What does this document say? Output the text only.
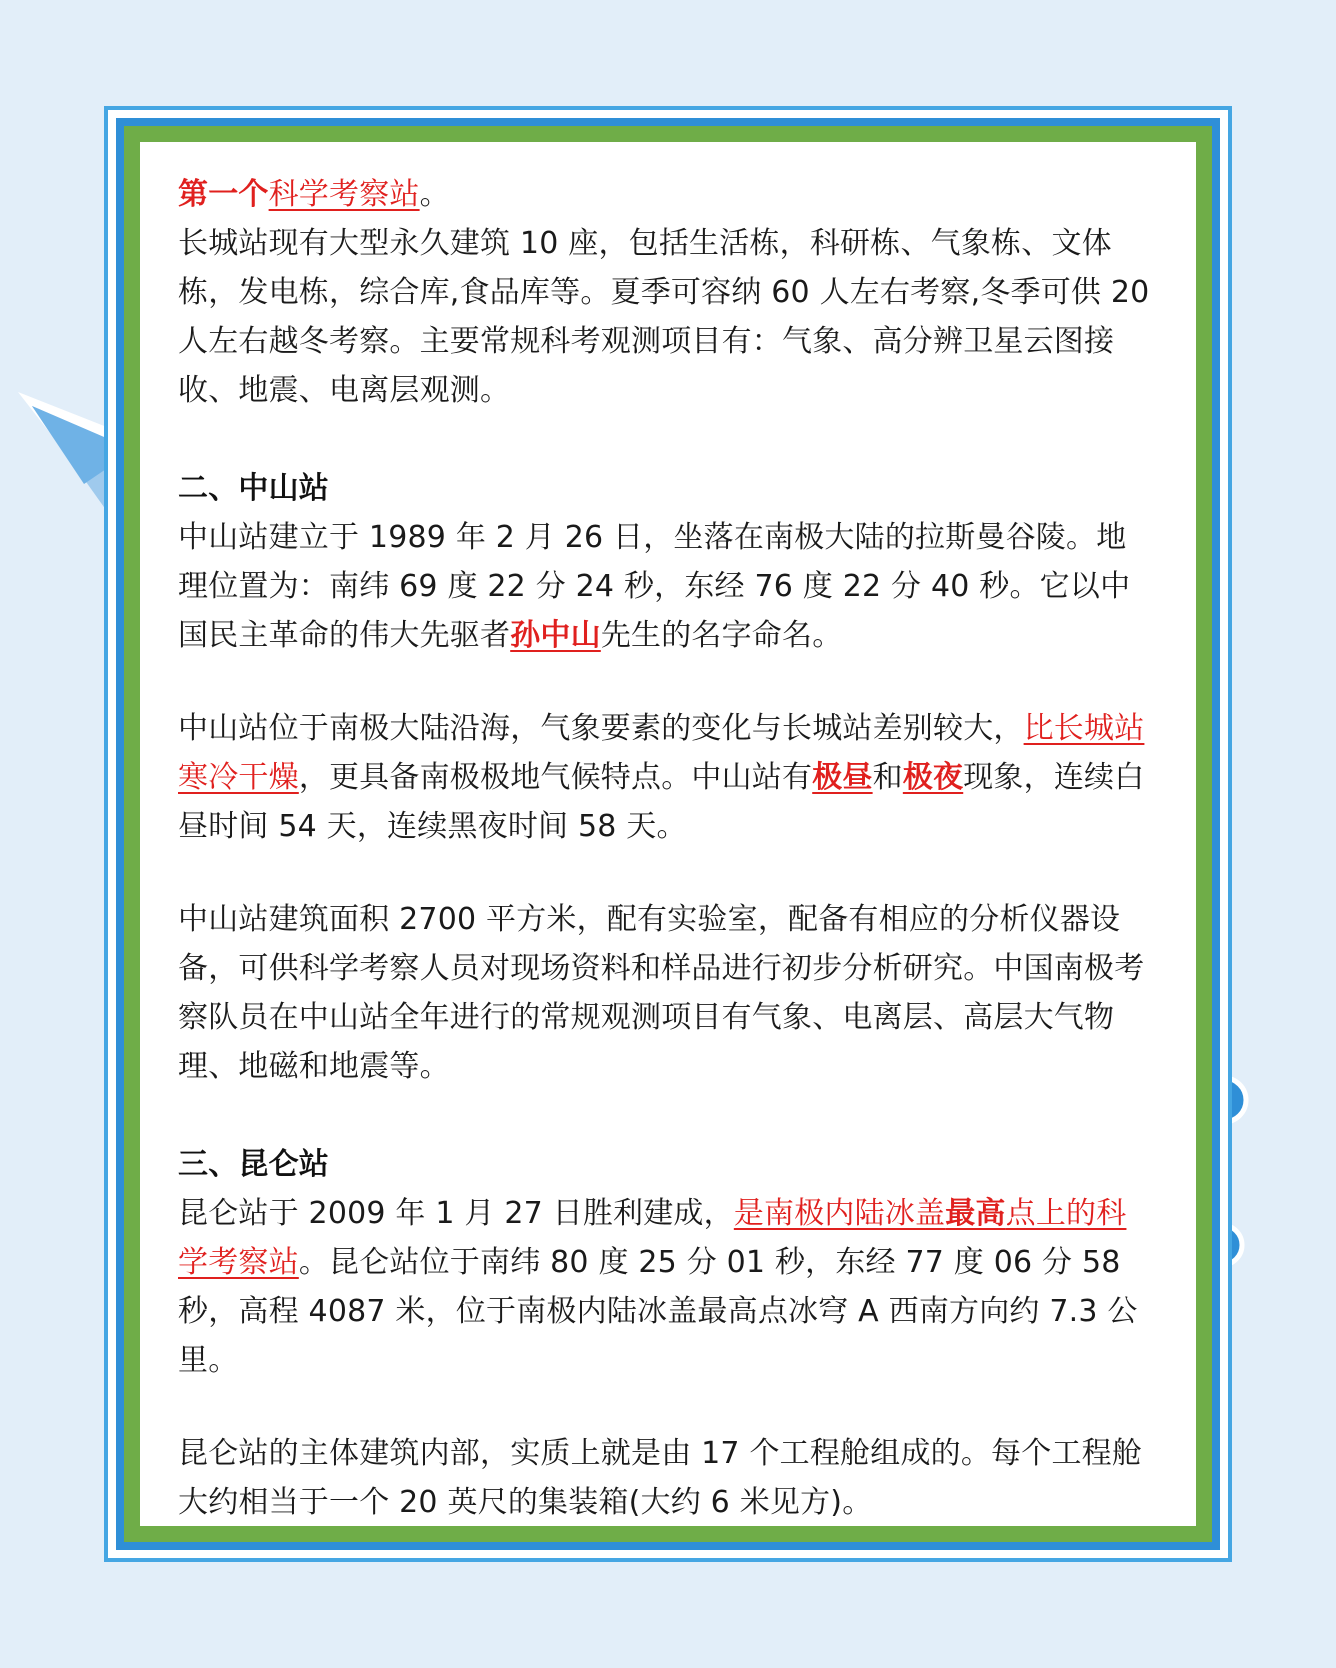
第一个科学考察站。

长城站现有大型永久建筑 10 座，包括生活栋，科研栋、气象栋、文体栋，发电栋，综合库,食品库等。夏季可容纳 60 人左右考察,冬季可供 20 人左右越冬考察。主要常规科考观测项目有：气象、高分辨卫星云图接收、地震、电离层观测。

二、中山站

中山站建立于 1989 年 2 月 26 日，坐落在南极大陆的拉斯曼谷陵。地理位置为：南纬 69 度 22 分 24 秒，东经 76 度 22 分 40 秒。它以中国民主革命的伟大先驱者孙中山先生的名字命名。

中山站位于南极大陆沿海，气象要素的变化与长城站差别较大，比长城站寒冷干燥，更具备南极极地气候特点。中山站有极昼和极夜现象，连续白昼时间 54 天，连续黑夜时间 58 天。

中山站建筑面积 2700 平方米，配有实验室，配备有相应的分析仪器设备，可供科学考察人员对现场资料和样品进行初步分析研究。中国南极考察队员在中山站全年进行的常规观测项目有气象、电离层、高层大气物理、地磁和地震等。

三、昆仑站

昆仑站于 2009 年 1 月 27 日胜利建成，是南极内陆冰盖最高点上的科学考察站。昆仑站位于南纬 80 度 25 分 01 秒，东经 77 度 06 分 58 秒，高程 4087 米，位于南极内陆冰盖最高点冰穹 A 西南方向约 7.3 公里。

昆仑站的主体建筑内部，实质上就是由 17 个工程舱组成的。每个工程舱大约相当于一个 20 英尺的集装箱(大约 6 米见方)。
